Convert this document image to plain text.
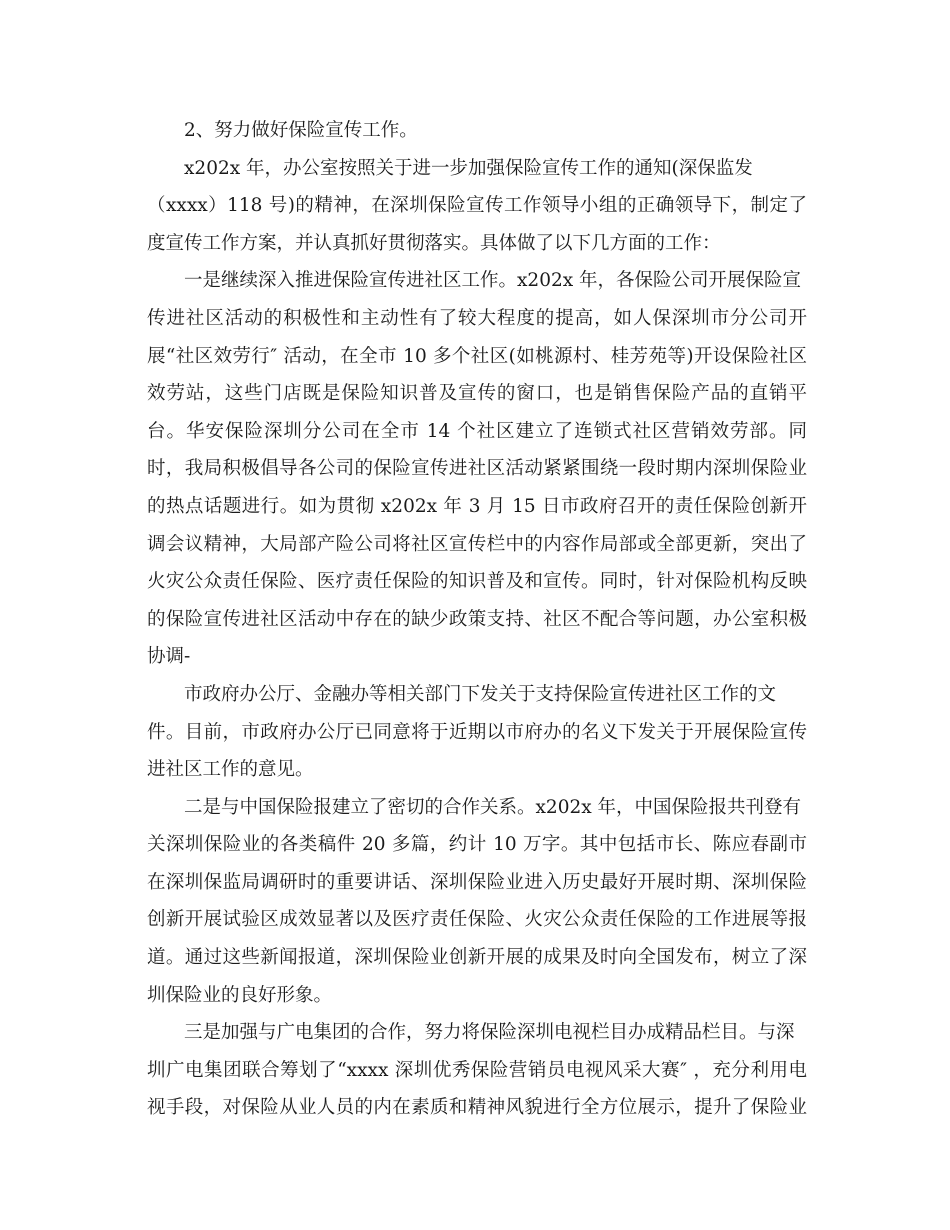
2、努力做好保险宣传工作。
x202x 年，办公室按照关于进一步加强保险宣传工作的通知(深保监发
（xxxx）118 号)的精神，在深圳保险宣传工作领导小组的正确领导下，制定了
度宣传工作方案，并认真抓好贯彻落实。具体做了以下几方面的工作：
一是继续深入推进保险宣传进社区工作。x202x 年，各保险公司开展保险宣
传进社区活动的积极性和主动性有了较大程度的提高，如人保深圳市分公司开
展“社区效劳行″ 活动，在全市 10 多个社区(如桃源村、桂芳苑等)开设保险社区
效劳站，这些门店既是保险知识普及宣传的窗口，也是销售保险产品的直销平
台。华安保险深圳分公司在全市 14 个社区建立了连锁式社区营销效劳部。同
时，我局积极倡导各公司的保险宣传进社区活动紧紧围绕一段时期内深圳保险业
的热点话题进行。如为贯彻 x202x 年 3 月 15 日市政府召开的责任保险创新开
调会议精神，大局部产险公司将社区宣传栏中的内容作局部或全部更新，突出了
火灾公众责任保险、医疗责任保险的知识普及和宣传。同时，针对保险机构反映
的保险宣传进社区活动中存在的缺少政策支持、社区不配合等问题，办公室积极
协调-
市政府办公厅、金融办等相关部门下发关于支持保险宣传进社区工作的文
件。目前，市政府办公厅已同意将于近期以市府办的名义下发关于开展保险宣传
进社区工作的意见。
二是与中国保险报建立了密切的合作关系。x202x 年，中国保险报共刊登有
关深圳保险业的各类稿件 20 多篇，约计 10 万字。其中包括市长、陈应春副市
在深圳保监局调研时的重要讲话、深圳保险业进入历史最好开展时期、深圳保险
创新开展试验区成效显著以及医疗责任保险、火灾公众责任保险的工作进展等报
道。通过这些新闻报道，深圳保险业创新开展的成果及时向全国发布，树立了深
圳保险业的良好形象。
三是加强与广电集团的合作，努力将保险深圳电视栏目办成精品栏目。与深
圳广电集团联合筹划了“xxxx 深圳优秀保险营销员电视风采大赛″ ，充分利用电
视手段，对保险从业人员的内在素质和精神风貌进行全方位展示，提升了保险业
